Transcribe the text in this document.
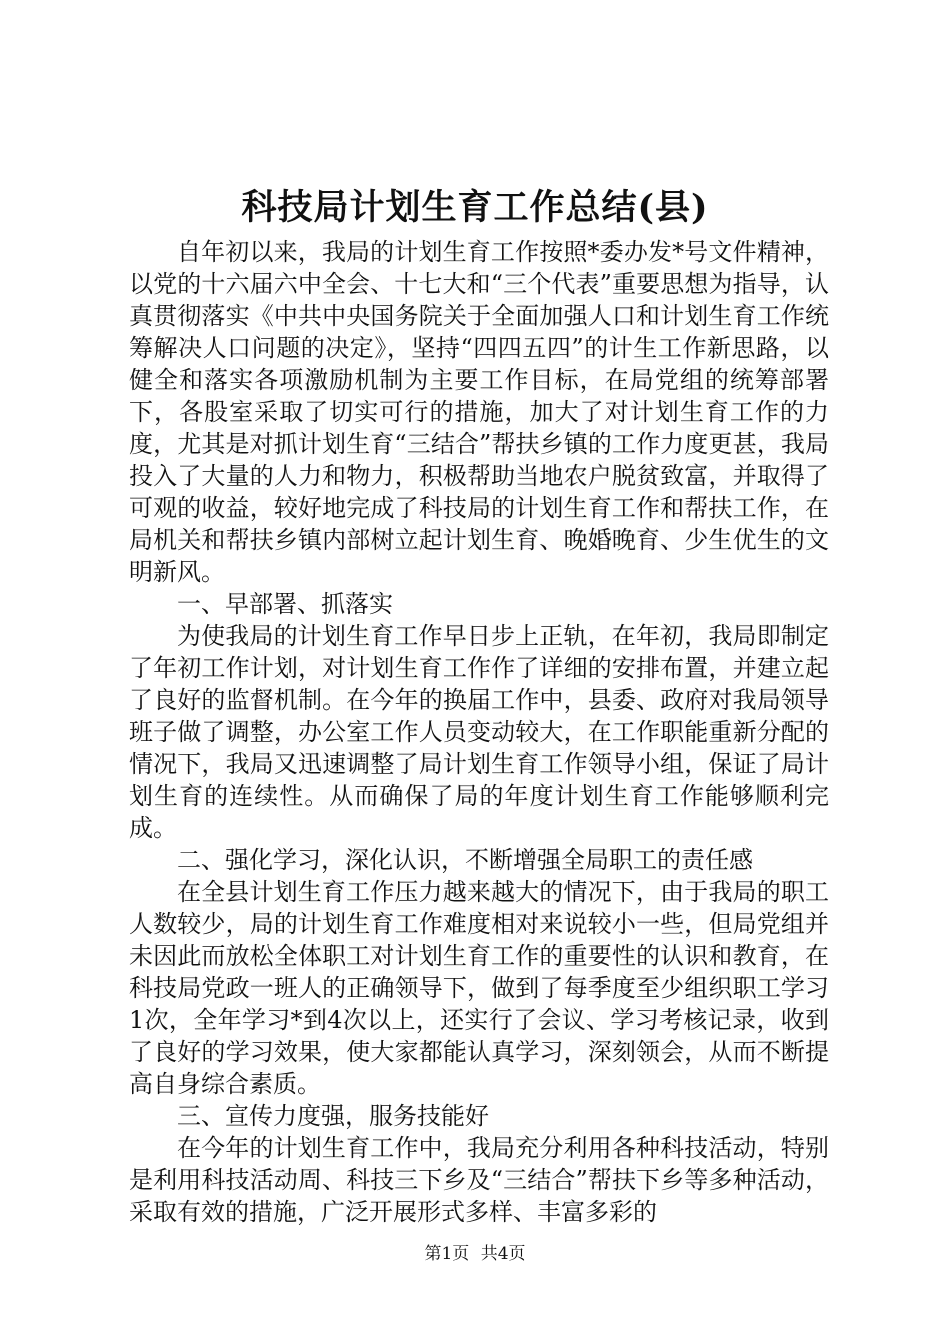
科技局计划生育工作总结(县)

自年初以来，我局的计划生育工作按照*委办发*号文件精神，以党的十六届六中全会、十七大和“三个代表”重要思想为指导，认真贯彻落实《中共中央国务院关于全面加强人口和计划生育工作统筹解决人口问题的决定》，坚持“四四五四”的计生工作新思路，以健全和落实各项激励机制为主要工作目标，在局党组的统筹部署下，各股室采取了切实可行的措施，加大了对计划生育工作的力度，尤其是对抓计划生育“三结合”帮扶乡镇的工作力度更甚，我局投入了大量的人力和物力，积极帮助当地农户脱贫致富，并取得了可观的收益，较好地完成了科技局的计划生育工作和帮扶工作，在局机关和帮扶乡镇内部树立起计划生育、晚婚晚育、少生优生的文明新风。

一、早部署、抓落实

为使我局的计划生育工作早日步上正轨，在年初，我局即制定了年初工作计划，对计划生育工作作了详细的安排布置，并建立起了良好的监督机制。在今年的换届工作中，县委、政府对我局领导班子做了调整，办公室工作人员变动较大，在工作职能重新分配的情况下，我局又迅速调整了局计划生育工作领导小组，保证了局计划生育的连续性。从而确保了局的年度计划生育工作能够顺利完成。

二、强化学习，深化认识，不断增强全局职工的责任感

在全县计划生育工作压力越来越大的情况下，由于我局的职工人数较少，局的计划生育工作难度相对来说较小一些，但局党组并未因此而放松全体职工对计划生育工作的重要性的认识和教育，在科技局党政一班人的正确领导下，做到了每季度至少组织职工学习1次，全年学习*到4次以上，还实行了会议、学习考核记录，收到了良好的学习效果，使大家都能认真学习，深刻领会，从而不断提高自身综合素质。

三、宣传力度强，服务技能好

在今年的计划生育工作中，我局充分利用各种科技活动，特别是利用科技活动周、科技三下乡及“三结合”帮扶下乡等多种活动，采取有效的措施，广泛开展形式多样、丰富多彩的

第1页 共4页
